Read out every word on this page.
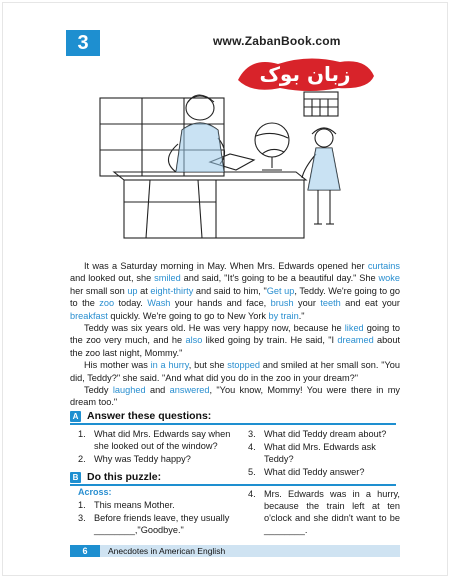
3	www.ZabanBook.com
زبان بوک

It was a Saturday morning in May. When Mrs. Edwards opened her curtains and looked out, she smiled and said, "It's going to be a beautiful day." She woke her small son up at eight-thirty and said to him, "Get up, Teddy. We're going to go to the zoo today. Wash your hands and face, brush your teeth and eat your breakfast quickly. We're going to go to New York by train."

Teddy was six years old. He was very happy now, because he liked going to the zoo very much, and he also liked going by train. He said, "I dreamed about the zoo last night, Mommy."

His mother was in a hurry, but she stopped and smiled at her small son. "You did, Teddy?" she said. "And what did you do in the zoo in your dream?"

Teddy laughed and answered, "You know, Mommy! You were there in my dream too."

A Answer these questions:
1. What did Mrs. Edwards say when she looked out of the window?
2. Why was Teddy happy?
3. What did Teddy dream about?
4. What did Mrs. Edwards ask Teddy?
5. What did Teddy answer?
B Do this puzzle:
Across:
1. This means Mother.
3. Before friends leave, they usually ________,"Goodbye."
4. Mrs. Edwards was in a hurry, because the train left at ten o'clock and she didn't want to be ________.
6	Anecdotes in American English
